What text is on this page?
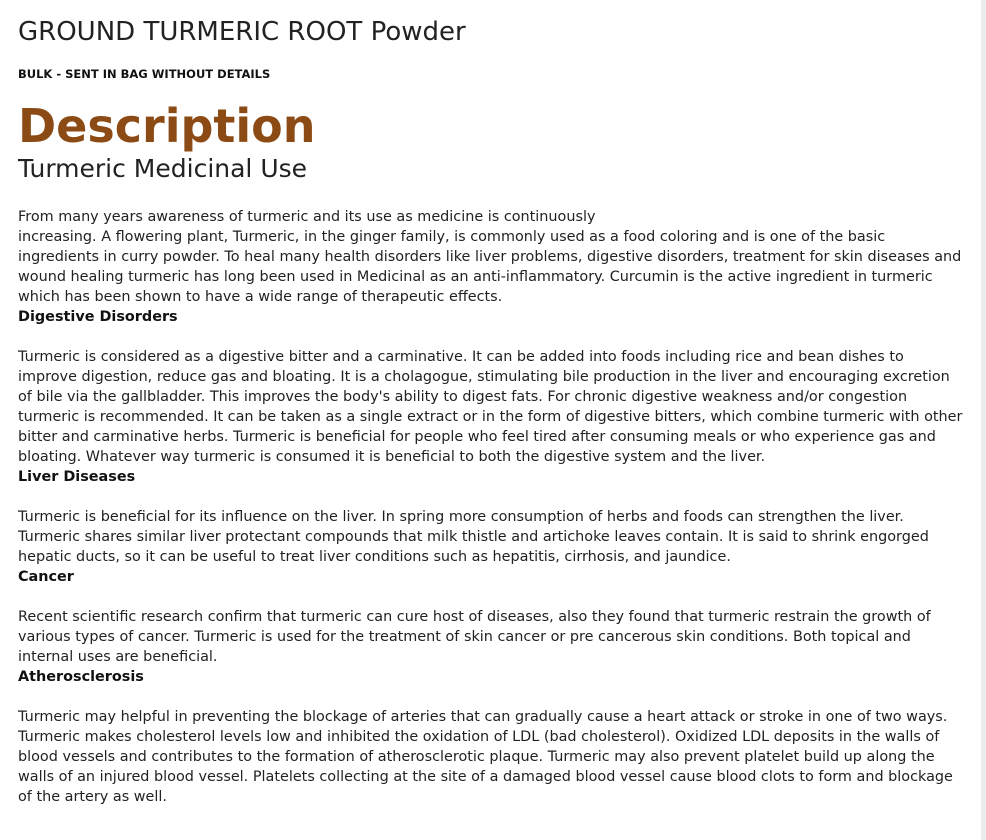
GROUND TURMERIC ROOT Powder
BULK - SENT IN BAG WITHOUT DETAILS
Description
Turmeric Medicinal Use
From many years awareness of turmeric and its use as medicine is continuously
increasing. A flowering plant, Turmeric, in the ginger family, is commonly used as a food coloring and is one of the basic ingredients in curry powder. To heal many health disorders like liver problems, digestive disorders, treatment for skin diseases and wound healing turmeric has long been used in Medicinal as an anti-inflammatory. Curcumin is the active ingredient in turmeric which has been shown to have a wide range of therapeutic effects.
Digestive Disorders
Turmeric is considered as a digestive bitter and a carminative. It can be added into foods including rice and bean dishes to improve digestion, reduce gas and bloating. It is a cholagogue, stimulating bile production in the liver and encouraging excretion of bile via the gallbladder. This improves the body's ability to digest fats. For chronic digestive weakness and/or congestion turmeric is recommended. It can be taken as a single extract or in the form of digestive bitters, which combine turmeric with other bitter and carminative herbs. Turmeric is beneficial for people who feel tired after consuming meals or who experience gas and bloating. Whatever way turmeric is consumed it is beneficial to both the digestive system and the liver.
Liver Diseases
Turmeric is beneficial for its influence on the liver. In spring more consumption of herbs and foods can strengthen the liver. Turmeric shares similar liver protectant compounds that milk thistle and artichoke leaves contain. It is said to shrink engorged hepatic ducts, so it can be useful to treat liver conditions such as hepatitis, cirrhosis, and jaundice.
Cancer
Recent scientific research confirm that turmeric can cure host of diseases, also they found that turmeric restrain the growth of various types of cancer. Turmeric is used for the treatment of skin cancer or pre cancerous skin conditions. Both topical and internal uses are beneficial.
Atherosclerosis
Turmeric may helpful in preventing the blockage of arteries that can gradually cause a heart attack or stroke in one of two ways. Turmeric makes cholesterol levels low and inhibited the oxidation of LDL (bad cholesterol). Oxidized LDL deposits in the walls of blood vessels and contributes to the formation of atherosclerotic plaque. Turmeric may also prevent platelet build up along the walls of an injured blood vessel. Platelets collecting at the site of a damaged blood vessel cause blood clots to form and blockage of the artery as well.
